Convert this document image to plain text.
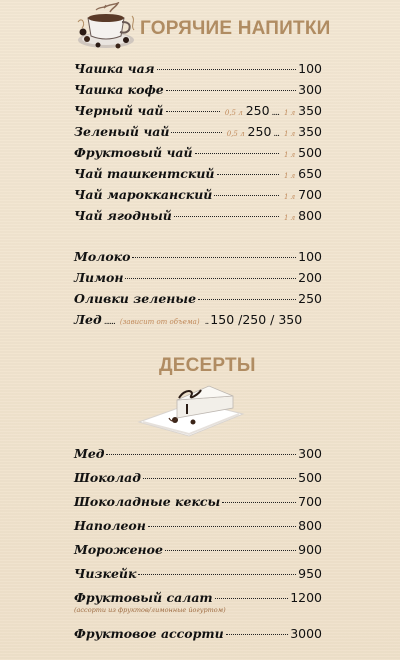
ГОРЯЧИЕ НАПИТКИ
Чашка чая	100
Чашка кофе	300
Черный чай	0,5 л 250 .... 1 л 350
Зеленый чай	0,5 л 250 ... 1 л 350
Фруктовый чай	1 л 500
Чай ташкентский	1 л 650
Чай марокканский	1 л 700
Чай ягодный	1 л 800
Молоко	100
Лимон	200
Оливки зеленые	250
Лед ...... (зависит от объема) .. 150 /250 / 350
ДЕСЕРТЫ
Мед	300
Шоколад	500
Шоколадные кексы	700
Наполеон	800
Мороженое	900
Чизкейк	950
Фруктовый салат	1200
(ассорти из фруктов/лимонные йогуртом)
Фруктовое ассорти	3000
